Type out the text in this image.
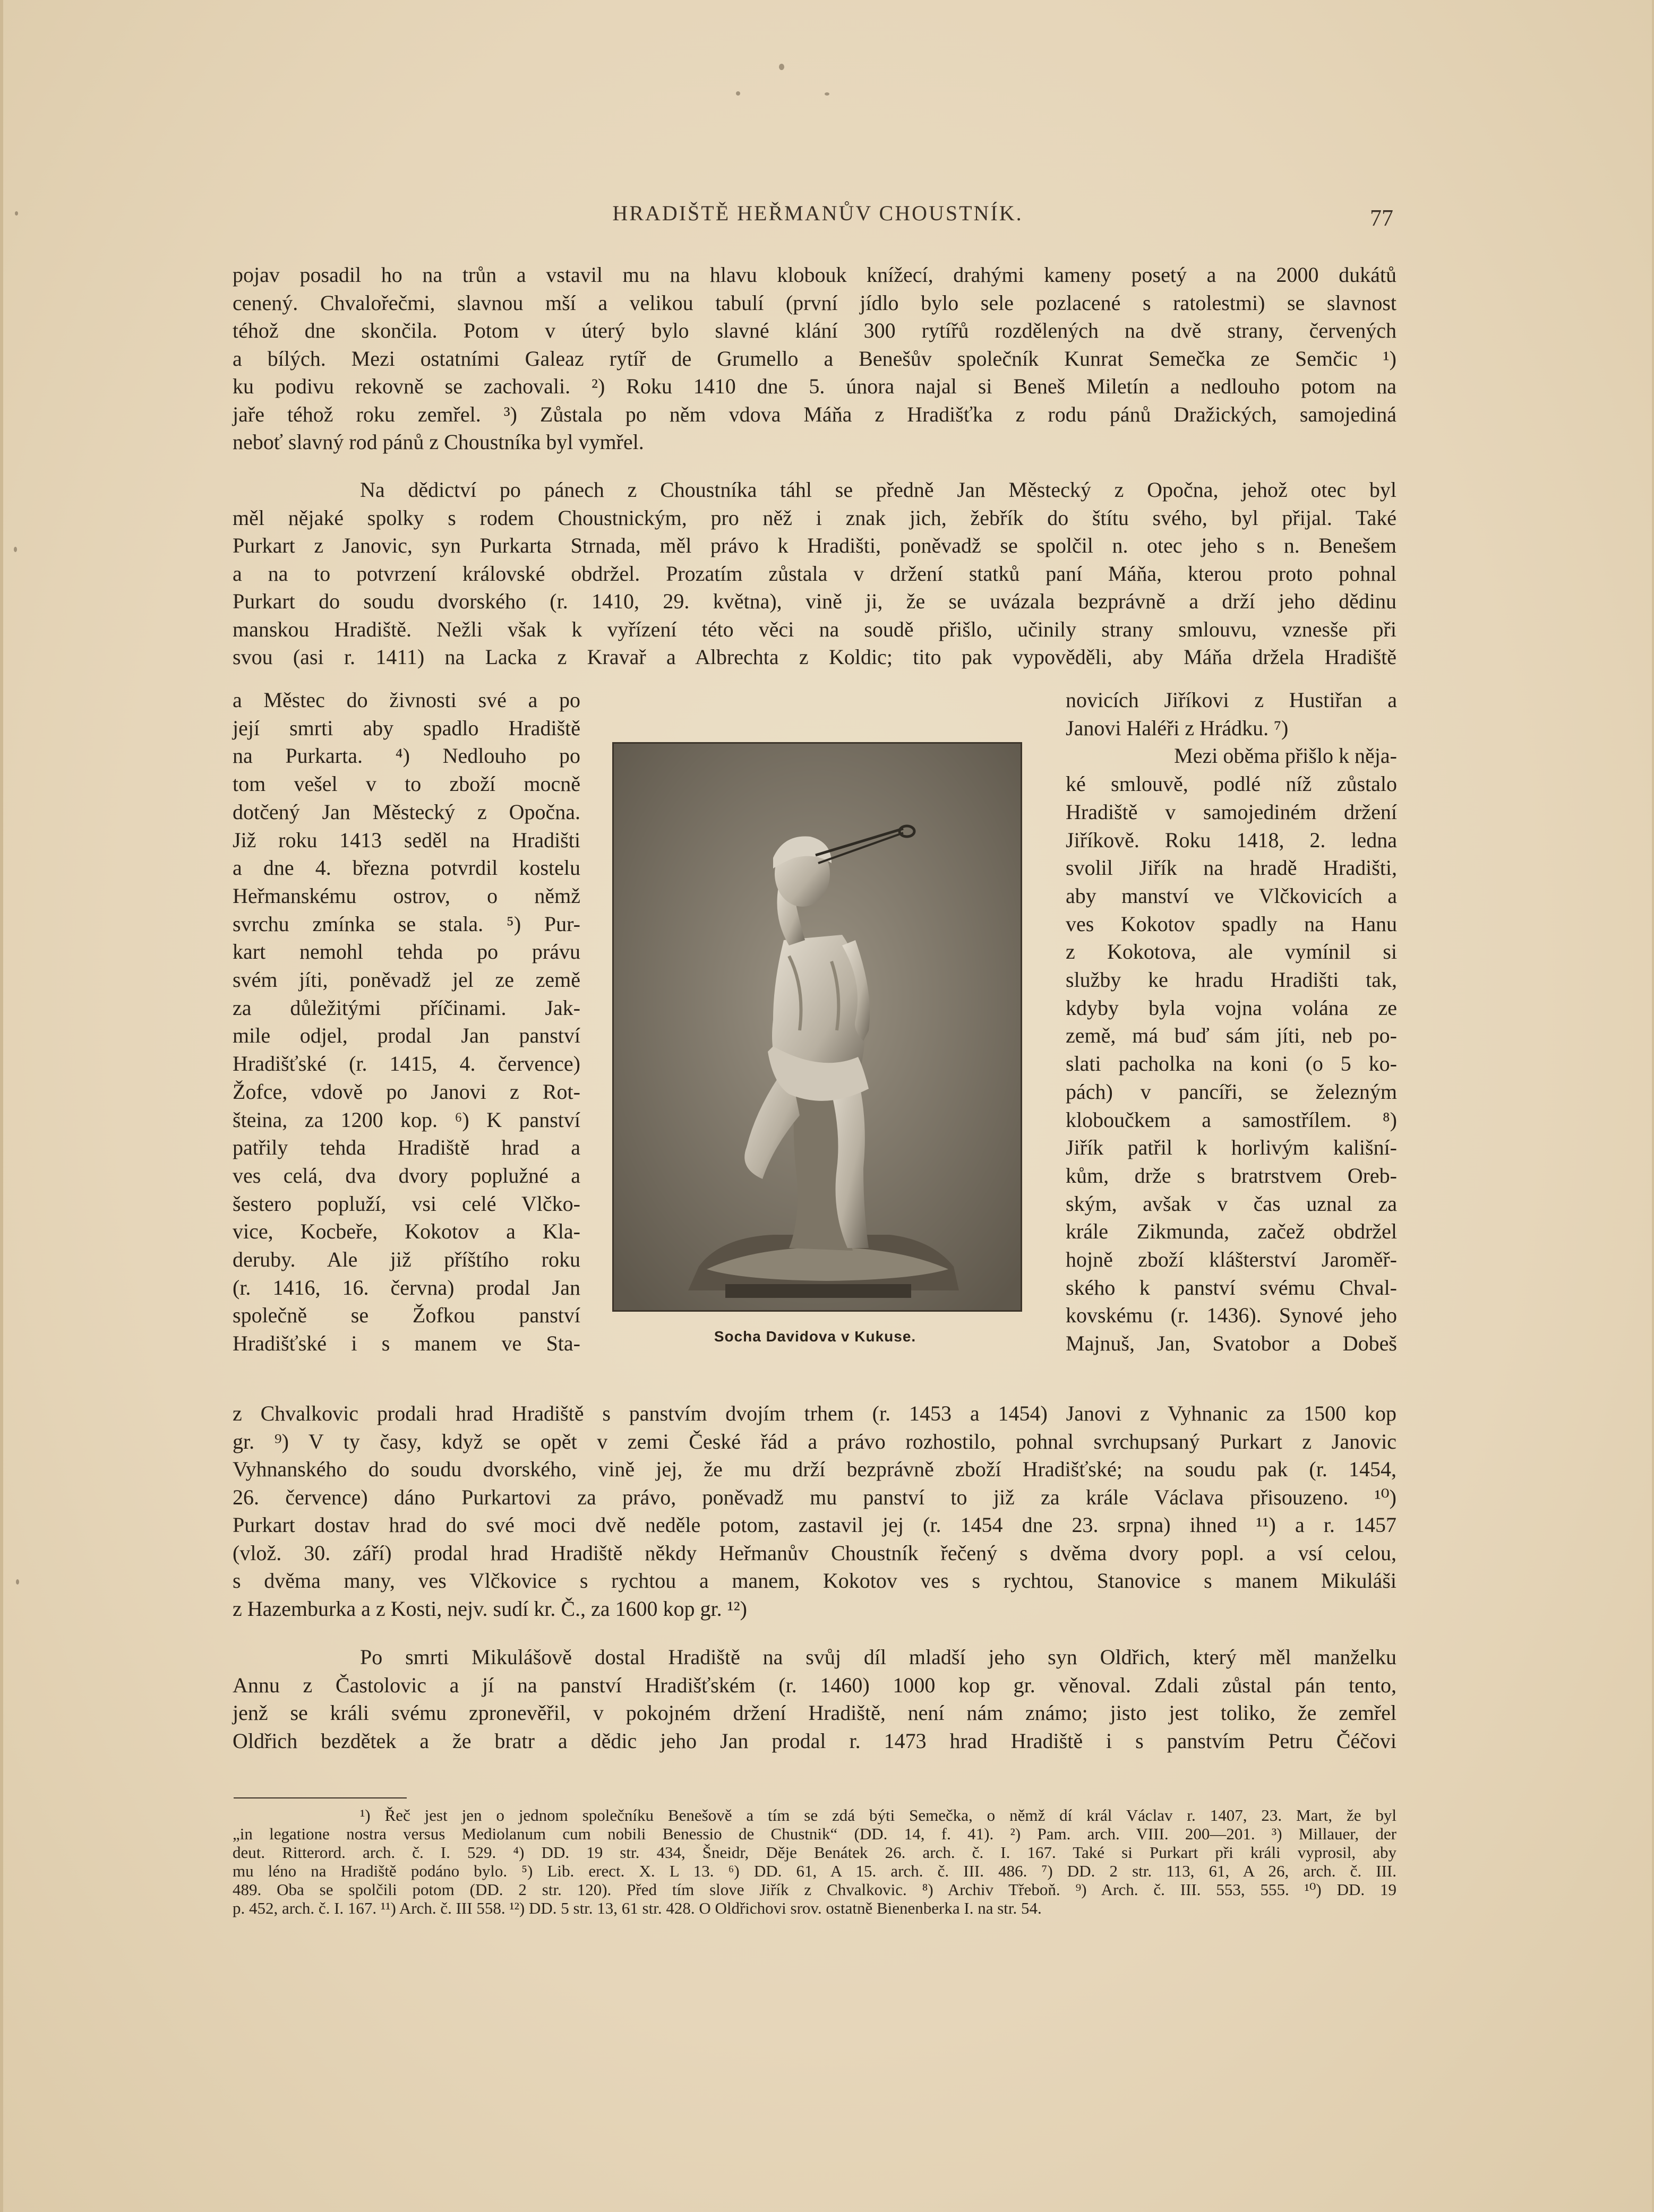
HRADIŠTĚ HEŘMANŮV CHOUSTNÍK.	77

pojav posadil ho na trůn a vstavil mu na hlavu klobouk knížecí, drahými kameny posetý a na 2000 dukátů

cenený. Chvalořečmi, slavnou mší a velikou tabulí (první jídlo bylo sele pozlacené s ratolestmi) se slavnost

téhož dne skončila. Potom v úterý bylo slavné klání 300 rytířů rozdělených na dvě strany, červených

a bílých. Mezi ostatními Galeaz rytíř de Grumello a Benešův společník Kunrat Semečka ze Semčic ¹)

ku podivu rekovně se zachovali. ²) Roku 1410 dne 5. února najal si Beneš Miletín a nedlouho potom na

jaře téhož roku zemřel. ³) Zůstala po něm vdova Máňa z Hradišťka z rodu pánů Dražických, samojediná

neboť slavný rod pánů z Choustníka byl vymřel.

Na dědictví po pánech z Choustníka táhl se předně Jan Městecký z Opočna, jehož otec byl

měl nějaké spolky s rodem Choustnickým, pro něž i znak jich, žebřík do štítu svého, byl přijal. Také

Purkart z Janovic, syn Purkarta Strnada, měl právo k Hradišti, poněvadž se spolčil n. otec jeho s n. Benešem

a na to potvrzení královské obdržel. Prozatím zůstala v držení statků paní Máňa, kterou proto pohnal

Purkart do soudu dvorského (r. 1410, 29. května), vině ji, že se uvázala bezprávně a drží jeho dědinu

manskou Hradiště. Nežli však k vyřízení této věci na soudě přišlo, učinily strany smlouvu, vznesše při

svou (asi r. 1411) na Lacka z Kravař a Albrechta z Koldic; tito pak vypověděli, aby Máňa držela Hradiště

a Městec do živnosti své a po

její smrti aby spadlo Hradiště

na Purkarta. ⁴) Nedlouho po

tom vešel v to zboží mocně

dotčený Jan Městecký z Opočna.

Již roku 1413 seděl na Hradišti

a dne 4. března potvrdil kostelu

Heřmanskému ostrov, o němž

svrchu zmínka se stala. ⁵) Pur-

kart nemohl tehda po právu

svém jíti, poněvadž jel ze země

za důležitými příčinami. Jak-

mile odjel, prodal Jan panství

Hradišťské (r. 1415, 4. července)

Žofce, vdově po Janovi z Rot-

šteina, za 1200 kop. ⁶) K panství

patřily tehda Hradiště hrad a

ves celá, dva dvory poplužné a

šestero popluží, vsi celé Vlčko-

vice, Kocbeře, Kokotov a Kla-

deruby. Ale již příštího roku

(r. 1416, 16. června) prodal Jan

společně se Žofkou panství

Hradišťské i s manem ve Sta-	Socha Davidova v Kukuse.

novicích Jiříkovi z Hustiřan a

Janovi Haléři z Hrádku. ⁷)

Mezi oběma přišlo k něja-

ké smlouvě, podlé níž zůstalo

Hradiště v samojediném držení

Jiříkově. Roku 1418, 2. ledna

svolil Jiřík na hradě Hradišti,

aby manství ve Vlčkovicích a

ves Kokotov spadly na Hanu

z Kokotova, ale vymínil si

služby ke hradu Hradišti tak,

kdyby byla vojna volána ze

země, má buď sám jíti, neb po-

slati pacholka na koni (o 5 ko-

pách) v pancíři, se železným

kloboučkem a samostřílem. ⁸)

Jiřík patřil k horlivým kališní-

kům, drže s bratrstvem Oreb-

ským, avšak v čas uznal za

krále Zikmunda, začež obdržel

hojně zboží klášterství Jaroměř-

ského k panství svému Chval-

kovskému (r. 1436). Synové jeho

Majnuš, Jan, Svatobor a Dobeš

z Chvalkovic prodali hrad Hradiště s panstvím dvojím trhem (r. 1453 a 1454) Janovi z Vyhnanic za 1500 kop

gr. ⁹) V ty časy, když se opět v zemi České řád a právo rozhostilo, pohnal svrchupsaný Purkart z Janovic

Vyhnanského do soudu dvorského, vině jej, že mu drží bezprávně zboží Hradišťské; na soudu pak (r. 1454,

26. července) dáno Purkartovi za právo, poněvadž mu panství to již za krále Václava přisouzeno. ¹⁰)

Purkart dostav hrad do své moci dvě neděle potom, zastavil jej (r. 1454 dne 23. srpna) ihned ¹¹) a r. 1457

(vlož. 30. září) prodal hrad Hradiště někdy Heřmanův Choustník řečený s dvěma dvory popl. a vsí celou,

s dvěma many, ves Vlčkovice s rychtou a manem, Kokotov ves s rychtou, Stanovice s manem Mikuláši

z Hazemburka a z Kosti, nejv. sudí kr. Č., za 1600 kop gr. ¹²)

Po smrti Mikulášově dostal Hradiště na svůj díl mladší jeho syn Oldřich, který měl manželku

Annu z Častolovic a jí na panství Hradišťském (r. 1460) 1000 kop gr. věnoval. Zdali zůstal pán tento,

jenž se králi svému zpronevěřil, v pokojném držení Hradiště, není nám známo; jisto jest toliko, že zemřel

Oldřich bezdětek a že bratr a dědic jeho Jan prodal r. 1473 hrad Hradiště i s panstvím Petru Čéčovi

¹) Řeč jest jen o jednom společníku Benešově a tím se zdá býti Semečka, o němž dí král Václav r. 1407, 23. Mart, že byl

„in legatione nostra versus Mediolanum cum nobili Benessio de Chustnik“ (DD. 14, f. 41). ²) Pam. arch. VIII. 200—201. ³) Millauer, der

deut. Ritterord. arch. č. I. 529. ⁴) DD. 19 str. 434, Šneidr, Děje Benátek 26. arch. č. I. 167. Také si Purkart při králi vyprosil, aby

mu léno na Hradiště podáno bylo. ⁵) Lib. erect. X. L 13. ⁶) DD. 61, A 15. arch. č. III. 486. ⁷) DD. 2 str. 113, 61, A 26, arch. č. III.

489. Oba se spolčili potom (DD. 2 str. 120). Před tím slove Jiřík z Chvalkovic. ⁸) Archiv Třeboň. ⁹) Arch. č. III. 553, 555. ¹⁰) DD. 19

p. 452, arch. č. I. 167. ¹¹) Arch. č. III 558. ¹²) DD. 5 str. 13, 61 str. 428. O Oldřichovi srov. ostatně Bienenberka I. na str. 54.
